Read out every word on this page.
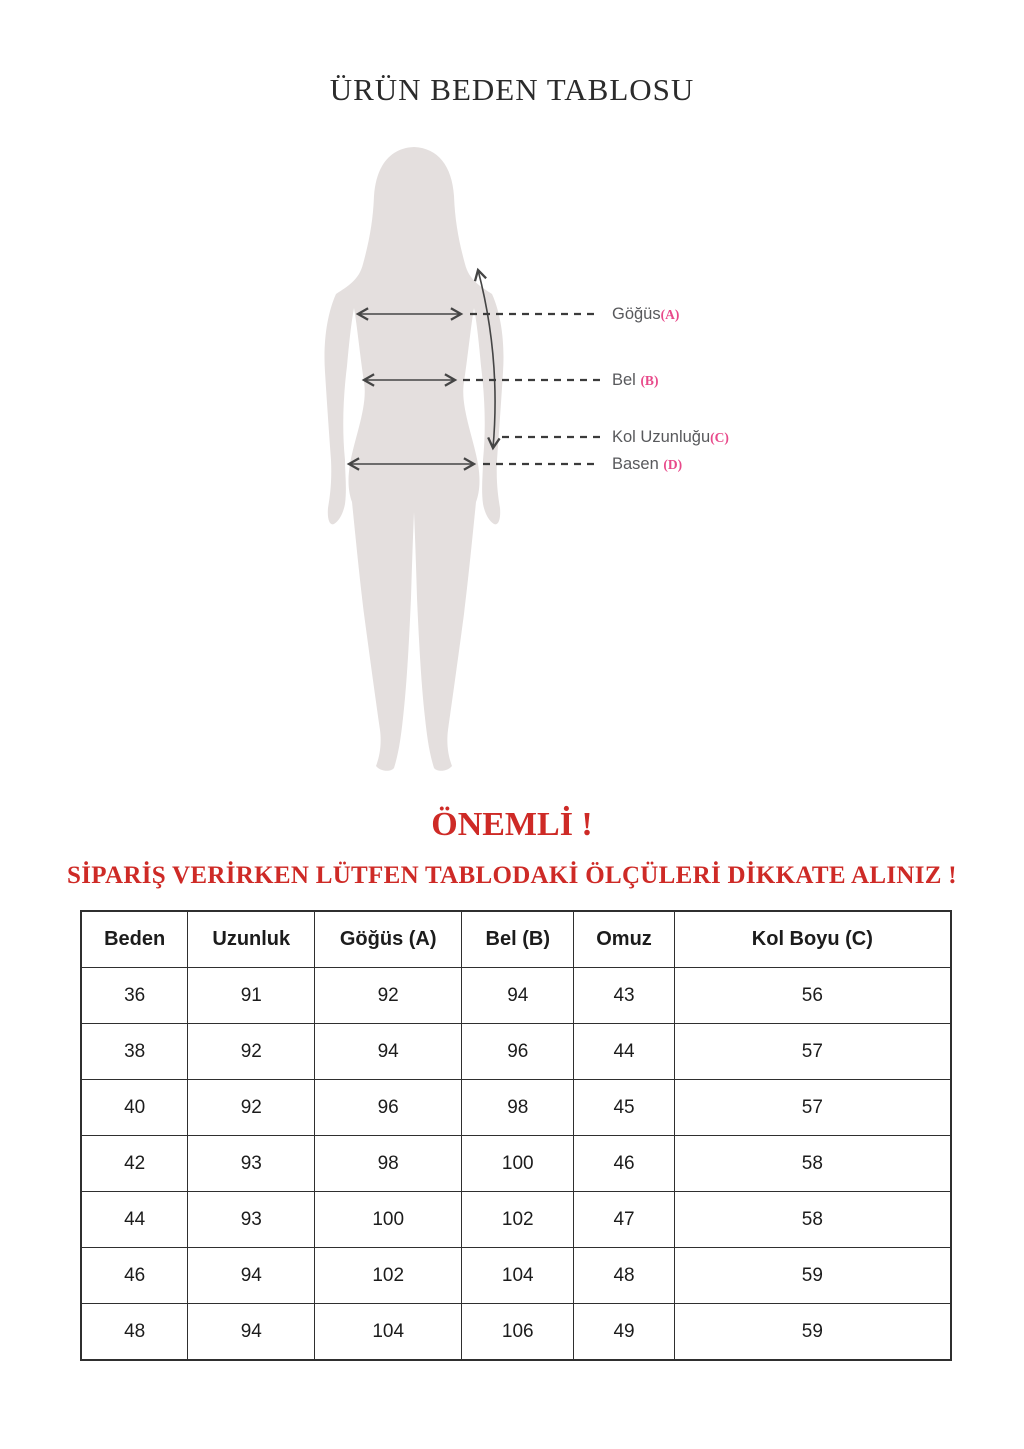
ÜRÜN BEDEN TABLOSU
Göğüs(A)
Bel (B)
Kol Uzunluğu(C)
Basen (D)
ÖNEMLİ !
SİPARİŞ VERİRKEN LÜTFEN TABLODAKİ ÖLÇÜLERİ DİKKATE ALINIZ !
Beden	Uzunluk	Göğüs (A)	Bel (B)	Omuz	Kol Boyu (C)
36	91	92	94	43	56
38	92	94	96	44	57
40	92	96	98	45	57
42	93	98	100	46	58
44	93	100	102	47	58
46	94	102	104	48	59
48	94	104	106	49	59
